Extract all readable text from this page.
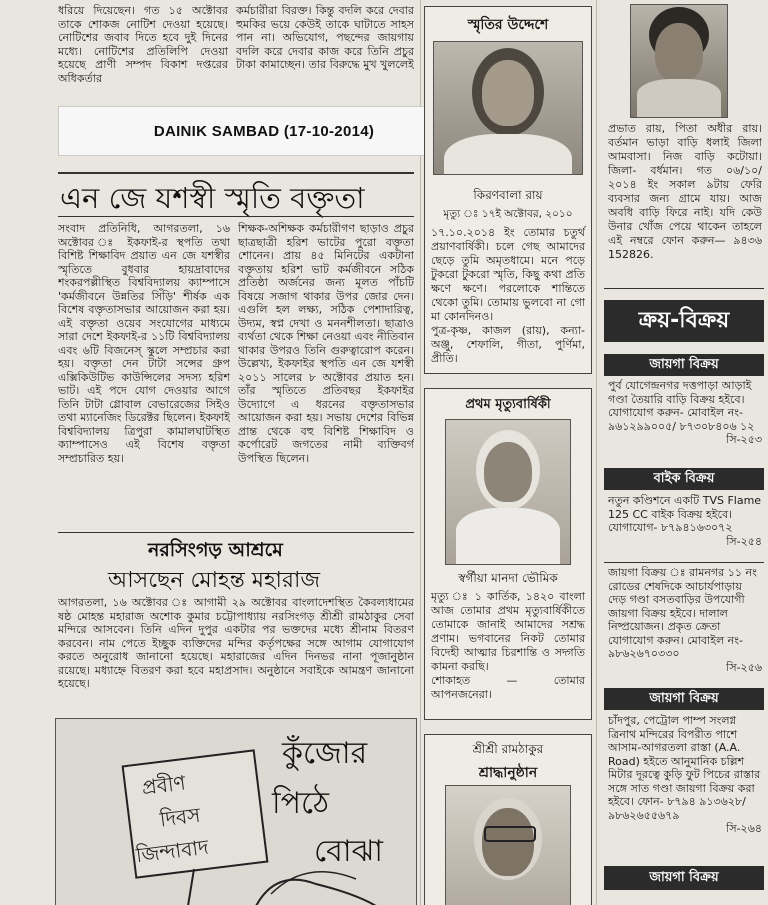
ধরিয়ে দিয়েছেন। গত ১৫ অক্টোবর তাকে শোকজ নোটিশ দেওয়া হয়েছে। নোটিশের জবাব দিতে হবে দুই দিনের মধ্যে। নোটিশের প্রতিলিপি দেওয়া হয়েছে প্রাণী সম্পদ বিকাশ দপ্তরের অধিকর্তার

কর্মচারীরা বিরক্ত। কিন্তু বদলি করে দেবার হুমকির ভয়ে কেউই তাকে ঘাটাতে সাহস পান না। অভিযোগ, পছন্দের জায়গায় বদলি করে দেবার কাজ করে তিনি প্রচুর টাকা কামাচ্ছেন। তার বিরুদ্ধে মুখ খুললেই

DAINIK SAMBAD (17-10-2014)
এন জে যশস্বী স্মৃতি বক্তৃতা

সংবাদ প্রতিনিধি, আগরতলা, ১৬ অক্টোবর ঃ ইকফাই-র স্থপতি তথা বিশিষ্ট শিক্ষাবিদ প্রয়াত এন জে যশস্বীর স্মৃতিতে বুধবার হায়দ্রাবাদের শংকরপল্লীস্থিত বিশ্ববিদ্যালয় ক্যাম্পাসে 'কর্মজীবনে উন্নতির সিঁড়ি' শীর্ষক এক বিশেষ বক্তৃতাসভার আয়োজন করা হয়। এই বক্তৃতা ওয়েব সংযোগের মাধ্যমে সারা দেশে ইকফাই-র ১১টি বিশ্ববিদ্যালয় এবং ৬টি বিজনেস্ স্কুলে সম্প্রচার করা হয়। বক্তৃতা দেন টাটা সন্সের গ্রুপ এক্সিকিউটিভ কাউন্সিলের সদস্য হরিশ ভাট। এই পদে যোগ দেওয়ার আগে তিনি টাটা গ্লোবাল বেভারেজের সিইও তথা ম্যানেজিং ডিরেক্টর ছিলেন। ইকফাই বিশ্ববিদ্যালয় ত্রিপুরা কামালঘাটস্থিত ক্যাম্পাসেও এই বিশেষ বক্তৃতা সম্প্রচারিত হয়।

শিক্ষক-অশিক্ষক কর্মচারীগণ ছাড়াও প্রচুর ছাত্রছাত্রী হরিশ ভাটের পুরো বক্তৃতা শোনেন। প্রায় ৪৫ মিনিটের একটানা বক্তৃতায় হরিশ ভাট কর্মজীবনে সঠিক প্রতিষ্ঠা অর্জনের জন্য মূলত পাঁচটি বিষয়ে সজাগ থাকার উপর জোর দেন। এগুলি হল লক্ষ্য, সঠিক পেশাদারিত্ব, উদ্যম, স্বপ্ন দেখা ও মননশীলতা। ছাত্রাও ব্যর্থতা থেকে শিক্ষা নেওয়া এবং নীতিবান থাকার উপরও তিনি গুরুত্বারোপ করেন। উল্লেখ্য, ইকফাইর স্থপতি এন জে যশস্বী ২০১১ সালের ৮ অক্টোবর প্রয়াত হন। তাঁর স্মৃতিতে প্রতিবছর ইকফাইর উদ্যোগে এ ধরনের বক্তৃতাসভার আয়োজন করা হয়। সভায় দেশের বিভিন্ন প্রান্ত থেকে বহু বিশিষ্ট শিক্ষাবিদ ও কর্পোরেট জগতের নামী ব্যক্তিবর্গ উপস্থিত ছিলেন।

নরসিংগড় আশ্রমে
আসছেন মোহন্ত মহারাজ

আগরতলা, ১৬ অক্টোবর ঃ আগামী ২৯ অক্টোবর বাংলাদেশস্থিত কৈবল্যধামের ষষ্ঠ মোহন্ত মহারাজ অশোক কুমার চট্টোপাধ্যায় নরসিংগড় শ্রীশ্রী রামঠাকুর সেবা মন্দিরে আসবেন। তিনি এদিন দুপুর একটার পর ভক্তদের মধ্যে শ্রীনাম বিতরণ করবেন। নাম পেতে ইচ্ছুক ব্যক্তিদের মন্দির কর্তৃপক্ষের সঙ্গে আগাম যোগাযোগ করতে অনুরোধ জানানো হয়েছে। মহারাজের এদিন দিনভর নানা পূজানুষ্ঠান রয়েছে। মধ্যাহ্নে বিতরণ করা হবে মহাপ্রসাদ। অনুষ্ঠানে সবাইকে আমন্ত্রণ জানানো হয়েছে।

প্রবীণ
দিবস
জিন্দাবাদ
কুঁজোর
পিঠে
বোঝা
স্মৃতির উদ্দেশে
কিরণবালা রায়
মৃত্যু ঃ ১৭ই অক্টোবর, ২০১০

১৭.১০.২০১৪ ইং তোমার চতুর্থ প্রয়াণবার্ষিকী। চলে গেছ আমাদের ছেড়ে তুমি অমৃতধামে। মনে পড়ে টুকরো টুকরো স্মৃতি, কিছু কথা প্রতি ক্ষণে ক্ষণে। পরলোকে শান্তিতে থেকো তুমি। তোমায় ভুলবো না গো মা কোনদিনও।

পুত্র-কৃষ্ণ, কাজল (রায়), কন্যা-অঞ্জু, শেফালি, গীতা, পুর্ণিমা, প্রীতি।

প্রথম মৃত্যুবার্ষিকী
স্বর্গীয়া মানদা ভৌমিক

মৃত্যু ঃ ১ কার্তিক, ১৪২০ বাংলা আজ তোমার প্রথম মৃত্যুবার্ষিকীতে তোমাকে জানাই আমাদের সশ্রদ্ধ প্রণাম। ভগবানের নিকট তোমার বিদেহী আত্মার চিরশান্তি ও সদ্গতি কামনা করছি।

শোকাহত	—	তোমার

আপনজনেরা।

শ্রীশ্রী রামঠাকুর
শ্রাদ্ধানুষ্ঠান

প্রভাত রায়, পিতা অধীর রায়। বর্তমান ভাড়া বাড়ি ধলাই জিলা আমবাসা। নিজ বাড়ি কটোয়া। জিলা- বর্ধমান। গত ০৬/১০/ ২০১৪ ইং সকাল ৯টায় ফেরি ব্যবসার জন্য গ্রামে যায়। আজ অবধি বাড়ি ফিরে নাই। যদি কেউ উনার খোঁজ পেয়ে থাকেন তাহলে এই নম্বরে ফোন করুন— ৯৪৩৬ 152826.

ক্রয়-বিক্রয়
জায়গা বিক্রয়
পুর্ব যোগেন্দ্রনগর দত্তপাড়া আড়াই গণ্ডা তৈয়ারি বাড়ি বিক্রয় হইবে। যোগাযোগ করুন- মোবাইল নং- ৯৬১২৯৯০০৫/ ৮৭৩০৮৪০৬ ১২
সি-২৫৩
বাইক বিক্রয়
নতুন কণ্ডিশনে একটি TVS Flame 125 CC বাইক বিক্রয় হইবে। যোগাযোগ- ৮৭৯৪১৬৩০৭২
সি-২৫৪
জায়গা বিক্রয় ঃ রামনগর ১১ নং রোডের শেষদিকে আচার্যপাড়ায় দেড় গণ্ডা বসতবাড়ির উপযোগী জায়গা বিক্রয় হইবে। দালাল নিষ্প্রয়োজন। প্রকৃত ক্রেতা যোগাযোগ করুন। মোবাইল নং- ৯৮৬২৬৭০৩৩০
সি-২৫৬
জায়গা বিক্রয়
চাঁদপুর, পেট্রোল পাম্প সংলগ্ন ত্রিনাথ মন্দিরের বিপরীত পাশে আসাম-আগরতলা রাস্তা (A.A. Road) হইতে আনুমানিক চল্লিশ মিটার দূরত্বে কুড়ি ফুট পিচের রাস্তার সঙ্গে সাত গণ্ডা জায়গা বিক্রয় করা হইবে। ফোন- ৮৭৯৪ ৯১৩৬২৮/ ৯৮৬২৬৫৫৬৭৯
সি-২৬৪
জায়গা বিক্রয়
